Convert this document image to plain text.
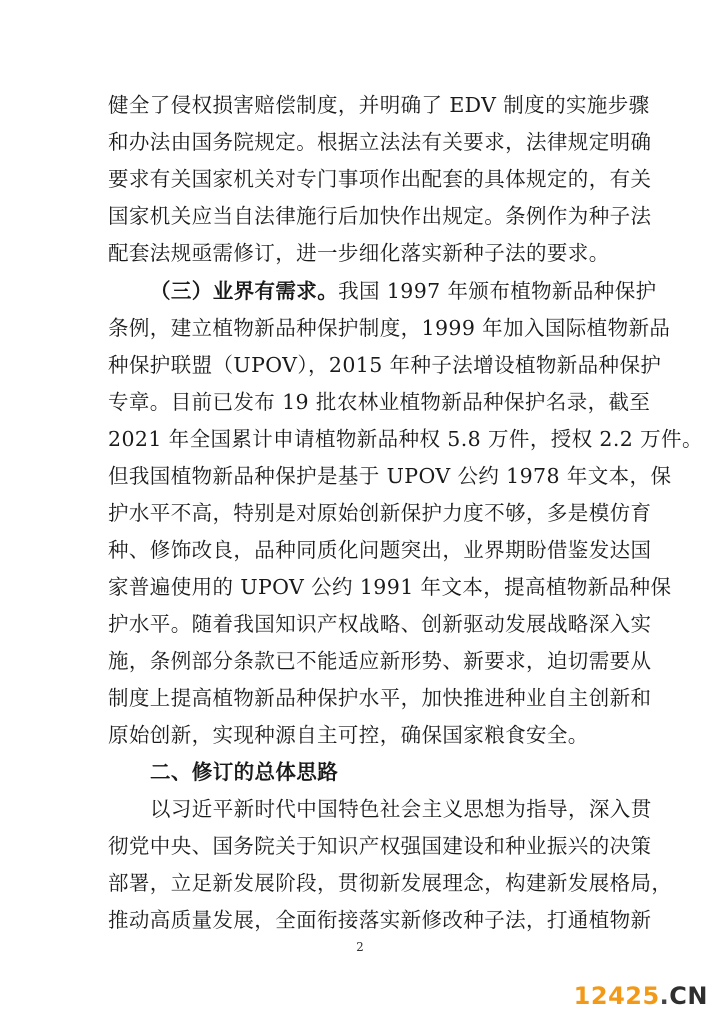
健全了侵权损害赔偿制度，并明确了 EDV 制度的实施步骤
和办法由国务院规定。根据立法法有关要求，法律规定明确
要求有关国家机关对专门事项作出配套的具体规定的，有关
国家机关应当自法律施行后加快作出规定。条例作为种子法
配套法规亟需修订，进一步细化落实新种子法的要求。
（三）业界有需求。我国 1997 年颁布植物新品种保护
条例，建立植物新品种保护制度，1999 年加入国际植物新品
种保护联盟（UPOV），2015 年种子法增设植物新品种保护
专章。目前已发布 19 批农林业植物新品种保护名录，截至
2021 年全国累计申请植物新品种权 5.8 万件，授权 2.2 万件。
但我国植物新品种保护是基于 UPOV 公约 1978 年文本，保
护水平不高，特别是对原始创新保护力度不够，多是模仿育
种、修饰改良，品种同质化问题突出，业界期盼借鉴发达国
家普遍使用的 UPOV 公约 1991 年文本，提高植物新品种保
护水平。随着我国知识产权战略、创新驱动发展战略深入实
施，条例部分条款已不能适应新形势、新要求，迫切需要从
制度上提高植物新品种保护水平，加快推进种业自主创新和
原始创新，实现种源自主可控，确保国家粮食安全。
二、修订的总体思路
以习近平新时代中国特色社会主义思想为指导，深入贯
彻党中央、国务院关于知识产权强国建设和种业振兴的决策
部署，立足新发展阶段，贯彻新发展理念，构建新发展格局，
推动高质量发展，全面衔接落实新修改种子法，打通植物新
2
12425.CN
